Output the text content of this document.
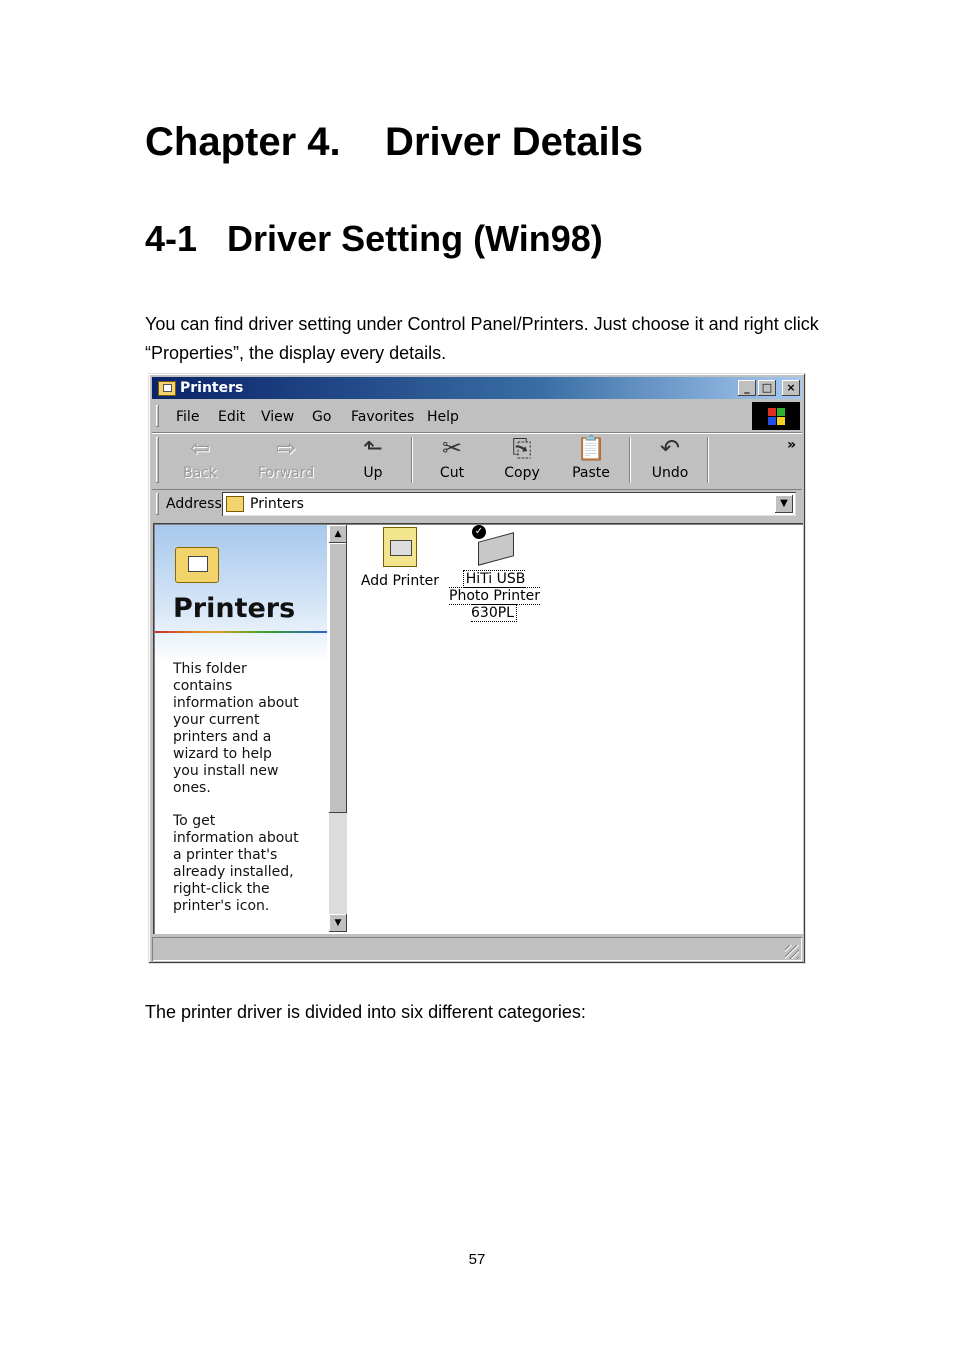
Chapter 4.    Driver Details
4-1   Driver Setting (Win98)
You can find driver setting under Control Panel/Printers. Just choose it and right click “Properties”, the display every details.
Printers	_	□	×
File Edit View Go Favorites Help
⇦
Back
⇨
Forward
⬑
Up
✂
Cut
⎘
Copy
📋
Paste
↶
Undo
»
Address Printers	▼
Printers
This folder
contains
information about
your current
printers and a
wizard to help
you install new
ones.
To get
information about
a printer that's
already installed,
right-click the
printer's icon.
▲
▼
Add Printer
✓
HiTi USB
Photo Printer
630PL
The printer driver is divided into six different categories:
57
